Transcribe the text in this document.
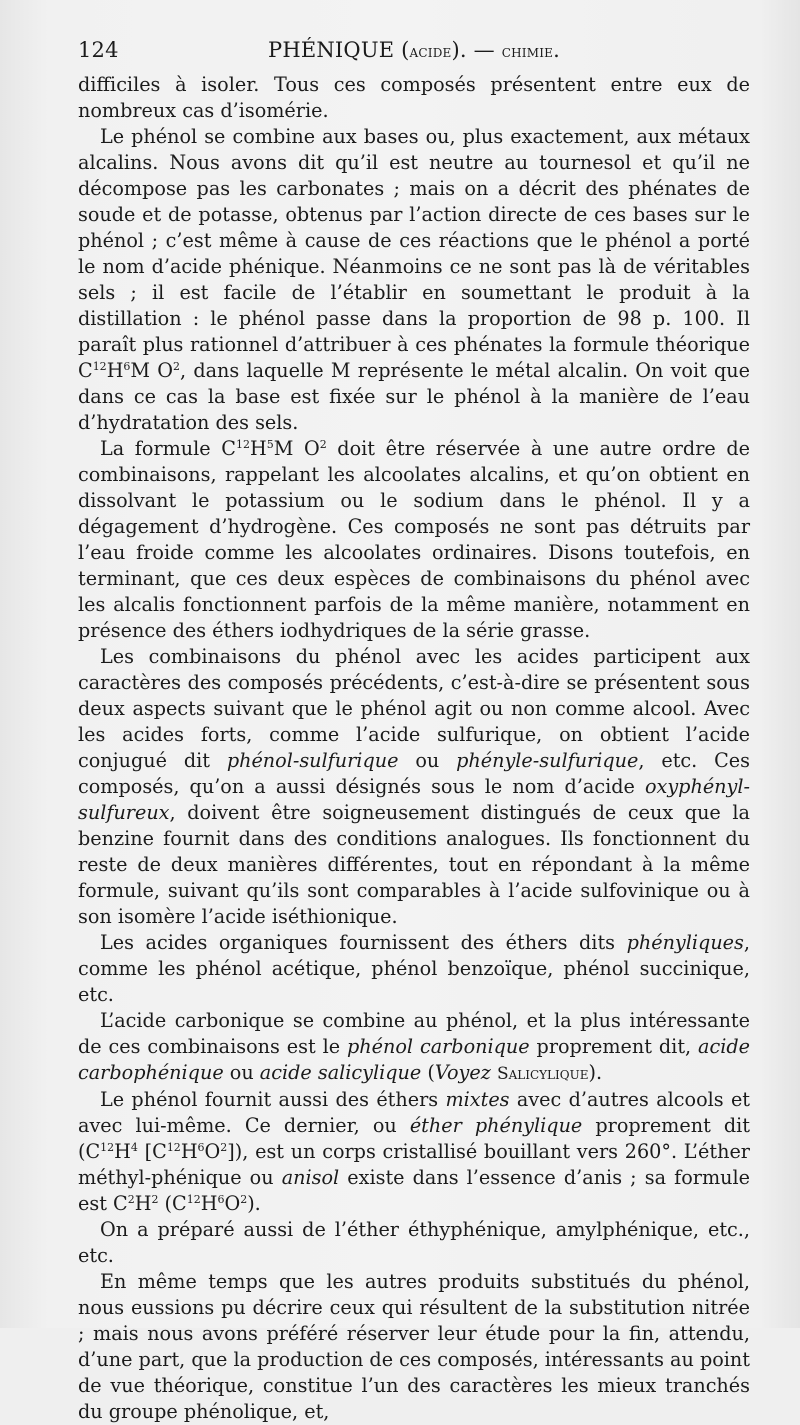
124	PHÉNIQUE (acide). — chimie.

difficiles à isoler. Tous ces composés présentent entre eux de nombreux cas d’isomérie.

Le phénol se combine aux bases ou, plus exactement, aux métaux alcalins. Nous avons dit qu’il est neutre au tournesol et qu’il ne décompose pas les carbonates ; mais on a décrit des phénates de soude et de potasse, obtenus par l’action directe de ces bases sur le phénol ; c’est même à cause de ces réactions que le phénol a porté le nom d’acide phénique. Néanmoins ce ne sont pas là de véritables sels ; il est facile de l’établir en soumettant le produit à la distillation : le phénol passe dans la proportion de 98 p. 100. Il paraît plus rationnel d’attribuer à ces phénates la formule théorique $C^{12}H^6M$ $O^2$, dans laquelle M représente le métal alcalin. On voit que dans ce cas la base est fixée sur le phénol à la manière de l’eau d’hydratation des sels.

La formule $C^{12}H^5M$ $O^2$ doit être réservée à une autre ordre de combinaisons, rappelant les alcoolates alcalins, et qu’on obtient en dissolvant le potassium ou le sodium dans le phénol. Il y a dégagement d’hydrogène. Ces composés ne sont pas détruits par l’eau froide comme les alcoolates ordinaires. Disons toutefois, en terminant, que ces deux espèces de combinaisons du phénol avec les alcalis fonctionnent parfois de la même manière, notamment en présence des éthers iodhydriques de la série grasse.

Les combinaisons du phénol avec les acides participent aux caractères des composés précédents, c’est-à-dire se présentent sous deux aspects suivant que le phénol agit ou non comme alcool. Avec les acides forts, comme l’acide sulfurique, on obtient l’acide conjugué dit phénol-sulfurique ou phényle-sulfurique, etc. Ces composés, qu’on a aussi désignés sous le nom d’acide oxyphényl-sulfureux, doivent être soigneusement distingués de ceux que la benzine fournit dans des conditions analogues. Ils fonctionnent du reste de deux manières différentes, tout en répondant à la même formule, suivant qu’ils sont comparables à l’acide sulfovinique ou à son isomère l’acide iséthionique.

Les acides organiques fournissent des éthers dits phényliques, comme les phénol acétique, phénol benzoïque, phénol succinique, etc.

L’acide carbonique se combine au phénol, et la plus intéressante de ces combinaisons est le phénol carbonique proprement dit, acide carbophénique ou acide salicylique (Voyez Salicylique).

Le phénol fournit aussi des éthers mixtes avec d’autres alcools et avec lui-même. Ce dernier, ou éther phénylique proprement dit ($C^{12}H^4$ $[C^{12}H^6O^2]$), est un corps cristallisé bouillant vers 260°. L’éther méthyl-phénique ou anisol existe dans l’essence d’anis ; sa formule est $C^2H^2$ $(C^{12}H^6O^2)$.

On a préparé aussi de l’éther éthyphénique, amylphénique, etc., etc.

En même temps que les autres produits substitués du phénol, nous eussions pu décrire ceux qui résultent de la substitution nitrée ; mais nous avons préféré réserver leur étude pour la fin, attendu, d’une part, que la production de ces composés, intéressants au point de vue théorique, constitue l’un des caractères les mieux tranchés du groupe phénolique, et,
